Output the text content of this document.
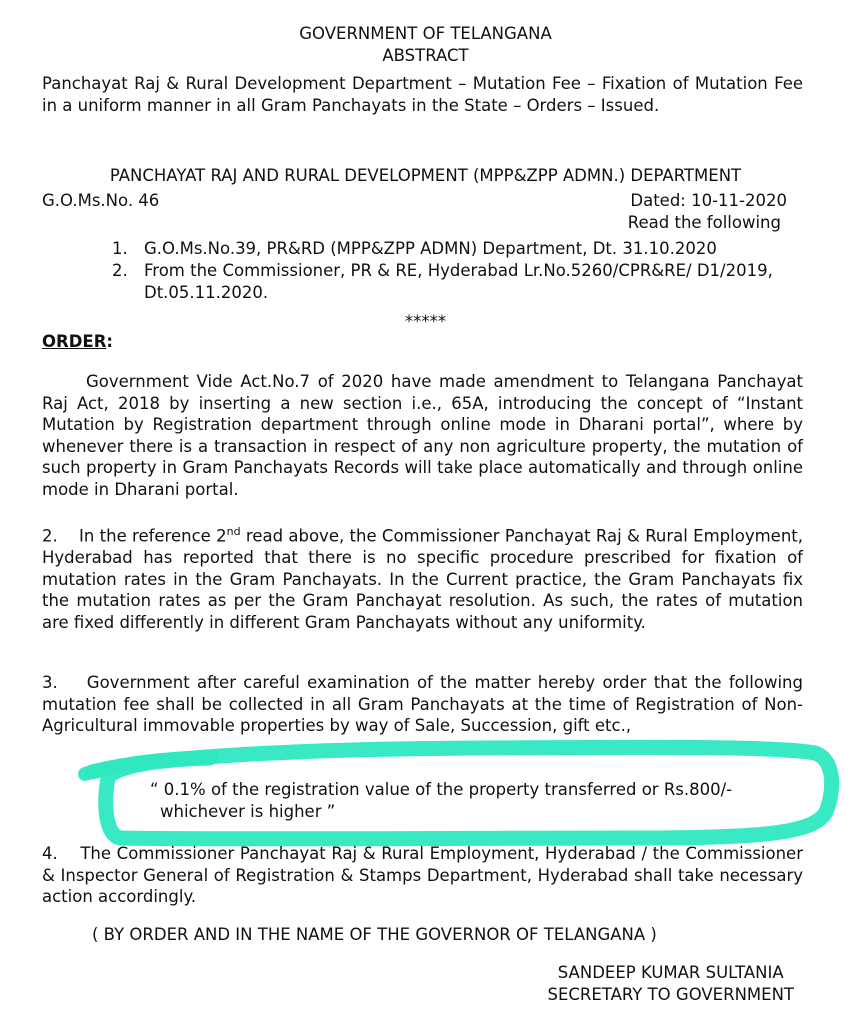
GOVERNMENT OF TELANGANA
ABSTRACT
Panchayat Raj & Rural Development Department – Mutation Fee – Fixation of Mutation Fee in a uniform manner in all Gram Panchayats in the State – Orders – Issued.
PANCHAYAT RAJ AND RURAL DEVELOPMENT (MPP&ZPP ADMN.) DEPARTMENT
G.O.Ms.No. 46	Dated: 10-11-2020
Read the following
1. G.O.Ms.No.39, PR&RD (MPP&ZPP ADMN) Department, Dt. 31.10.2020
2. From the Commissioner, PR & RE, Hyderabad Lr.No.5260/CPR&RE/ D1/2019, Dt.05.11.2020.
*****
ORDER:
Government Vide Act.No.7 of 2020 have made amendment to Telangana Panchayat Raj Act, 2018 by inserting a new section i.e., 65A, introducing the concept of “Instant Mutation by Registration department through online mode in Dharani portal”, where by whenever there is a transaction in respect of any non agriculture property, the mutation of such property in Gram Panchayats Records will take place automatically and through online mode in Dharani portal.
2. In the reference 2nd read above, the Commissioner Panchayat Raj & Rural Employment, Hyderabad has reported that there is no specific procedure prescribed for fixation of mutation rates in the Gram Panchayats. In the Current practice, the Gram Panchayats fix the mutation rates as per the Gram Panchayat resolution. As such, the rates of mutation are fixed differently in different Gram Panchayats without any uniformity.
3. Government after careful examination of the matter hereby order that the following mutation fee shall be collected in all Gram Panchayats at the time of Registration of Non-Agricultural immovable properties by way of Sale, Succession, gift etc.,
“ 0.1% of the registration value of the property transferred or Rs.800/-
whichever is higher ”
4. The Commissioner Panchayat Raj & Rural Employment, Hyderabad / the Commissioner & Inspector General of Registration & Stamps Department, Hyderabad shall take necessary action accordingly.
( BY ORDER AND IN THE NAME OF THE GOVERNOR OF TELANGANA )
SANDEEP KUMAR SULTANIA
SECRETARY TO GOVERNMENT
